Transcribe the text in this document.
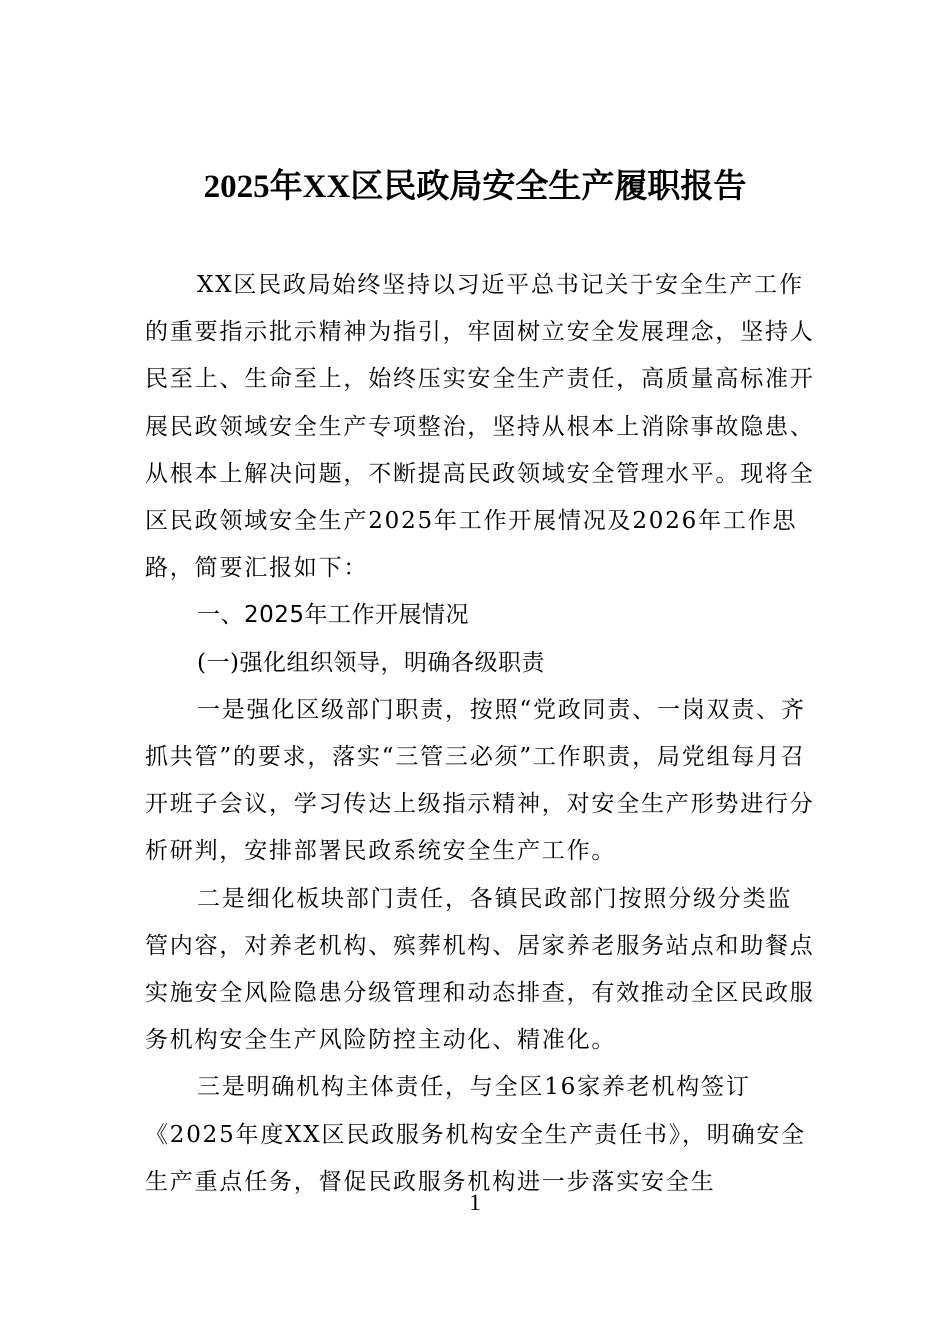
2025年XX区民政局安全生产履职报告

XX区民政局始终坚持以习近平总书记关于安全生产工作的重要指示批示精神为指引，牢固树立安全发展理念，坚持人民至上、生命至上，始终压实安全生产责任，高质量高标准开展民政领域安全生产专项整治，坚持从根本上消除事故隐患、从根本上解决问题，不断提高民政领域安全管理水平。现将全区民政领域安全生产2025年工作开展情况及2026年工作思路，简要汇报如下：

一、2025年工作开展情况

(一)强化组织领导，明确各级职责

一是强化区级部门职责，按照“党政同责、一岗双责、齐抓共管”的要求，落实“三管三必须”工作职责，局党组每月召开班子会议，学习传达上级指示精神，对安全生产形势进行分析研判，安排部署民政系统安全生产工作。

二是细化板块部门责任，各镇民政部门按照分级分类监管内容，对养老机构、殡葬机构、居家养老服务站点和助餐点实施安全风险隐患分级管理和动态排查，有效推动全区民政服务机构安全生产风险防控主动化、精准化。

三是明确机构主体责任，与全区16家养老机构签订《2025年度XX区民政服务机构安全生产责任书》，明确安全生产重点任务，督促民政服务机构进一步落实安全生

1
